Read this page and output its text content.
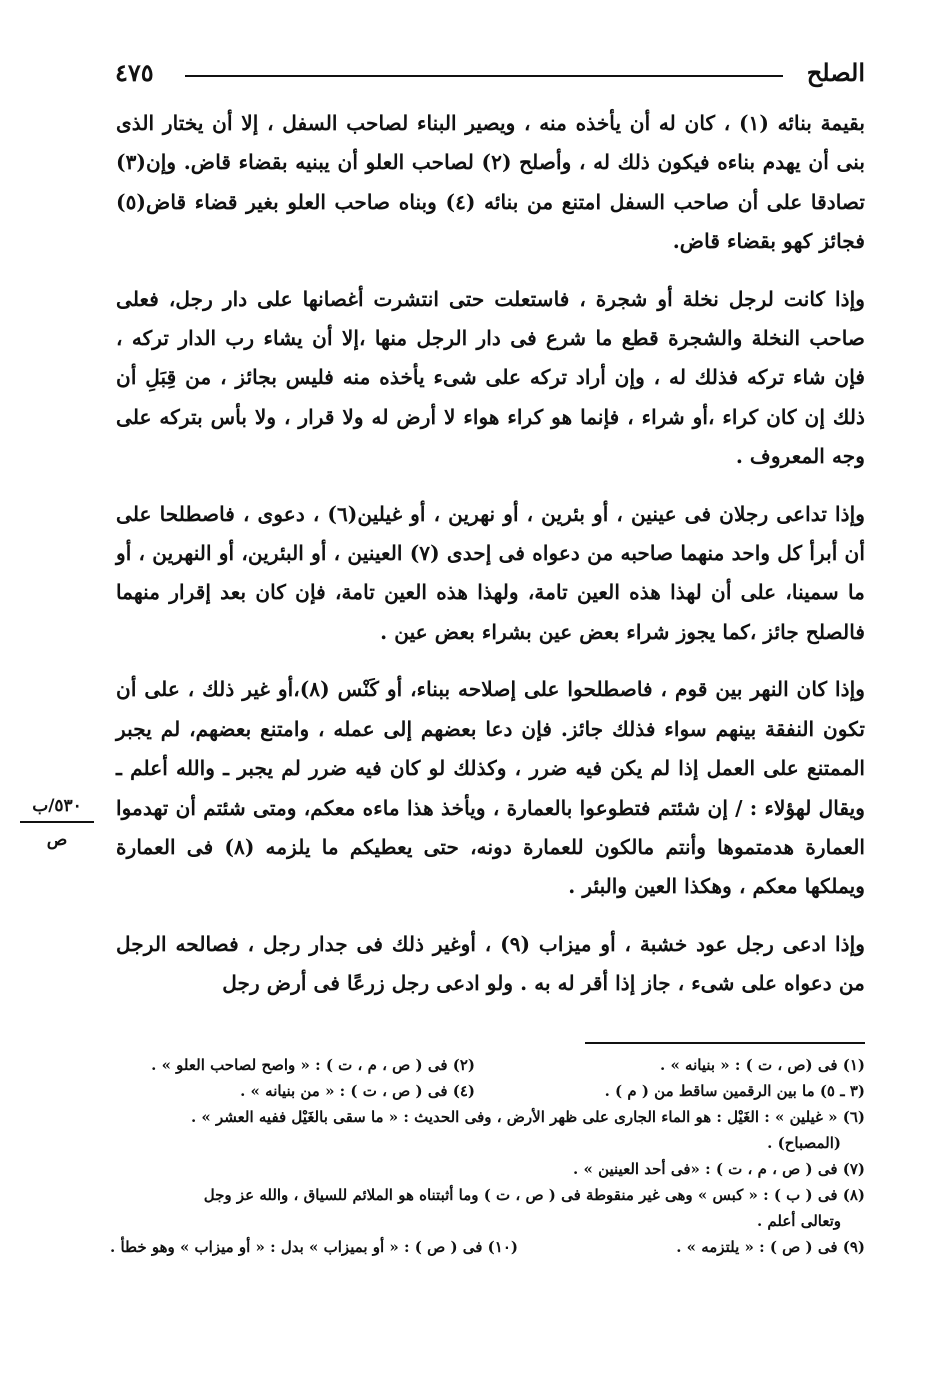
الصلح
٤٧٥

بقيمة بنائه (١) ، كان له أن يأخذه منه ، ويصير البناء لصاحب السفل ، إلا أن يختار الذى بنى أن يهدم بناءه فيكون ذلك له ، وأصلح (٢) لصاحب العلو أن يبنيه بقضاء قاض. وإن(٣) تصادقا على أن صاحب السفل امتنع من بنائه (٤) وبناه صاحب العلو بغير قضاء قاض(٥) فجائز كهو بقضاء قاض.

وإذا كانت لرجل نخلة أو شجرة ، فاستعلت حتى انتشرت أغصانها على دار رجل، فعلى صاحب النخلة والشجرة قطع ما شرع فى دار الرجل منها ،إلا أن يشاء رب الدار تركه ، فإن شاء تركه فذلك له ، وإن أراد تركه على شىء يأخذه منه فليس بجائز ، من قِبَلِ أن ذلك إن كان كراء ،أو شراء ، فإنما هو كراء هواء لا أرض له ولا قرار ، ولا بأس بتركه على وجه المعروف .

وإذا تداعى رجلان فى عينين ، أو بئرين ، أو نهرين ، أو غيلين(٦) ، دعوى ، فاصطلحا على أن أبرأ كل واحد منهما صاحبه من دعواه فى إحدى (٧) العينين ، أو البئرين، أو النهرين ، أو ما سمينا، على أن لهذا هذه العين تامة، ولهذا هذه العين تامة، فإن كان بعد إقرار منهما فالصلح جائز ،كما يجوز شراء بعض عين بشراء بعض عين .

وإذا كان النهر بين قوم ، فاصطلحوا على إصلاحه ببناء، أو كَنْس (٨)،أو غير ذلك ، على أن تكون النفقة بينهم سواء فذلك جائز. فإن دعا بعضهم إلى عمله ، وامتنع بعضهم، لم يجبر الممتنع على العمل إذا لم يكن فيه ضرر ، وكذلك لو كان فيه ضرر لم يجبر ـ والله أعلم ـ ويقال لهؤلاء : / إن شئتم فتطوعوا بالعمارة ، ويأخذ هذا ماءه معكم، ومتى شئتم أن تهدموا العمارة هدمتموها وأنتم مالكون للعمارة دونه، حتى يعطيكم ما يلزمه (٨) فى العمارة ويملكها معكم ، وهكذا العين والبئر .

وإذا ادعى رجل عود خشبة ، أو ميزاب (٩) ، أوغير ذلك فى جدار رجل ، فصالحه الرجل من دعواه على شىء ، جاز إذا أقر له به . ولو ادعى رجل زرعًا فى أرض رجل

٥٣٠/ب
ص
(١) فى (ص ، ت ) : « بنيانه » .
(٢) فى ( ص ، م ، ت ) : « واصح لصاحب العلو » .
(٣ ـ ٥) ما بين الرقمين ساقط من ( م ) .
(٤) فى ( ص ، ت ) : « من بنيانه » .
(٦) « غيلين » : الغَيْل : هو الماء الجارى على ظهر الأرض ، وفى الحديث : « ما سقى بالغَيْل ففيه العشر » .
(المصباح) .
(٧) فى ( ص ، م ، ت ) : «فى أحد العينين » .
(٨) فى ( ب ) : « كبس » وهى غير منقوطة فى ( ص ، ت ) وما أثبتناه هو الملائم للسياق ، والله عز وجل
وتعالى أعلم .
(٩) فى ( ص ) : « يلتزمه » .
(١٠) فى ( ص ) : « أو بميزاب » بدل : « أو ميزاب » وهو خطأ .
